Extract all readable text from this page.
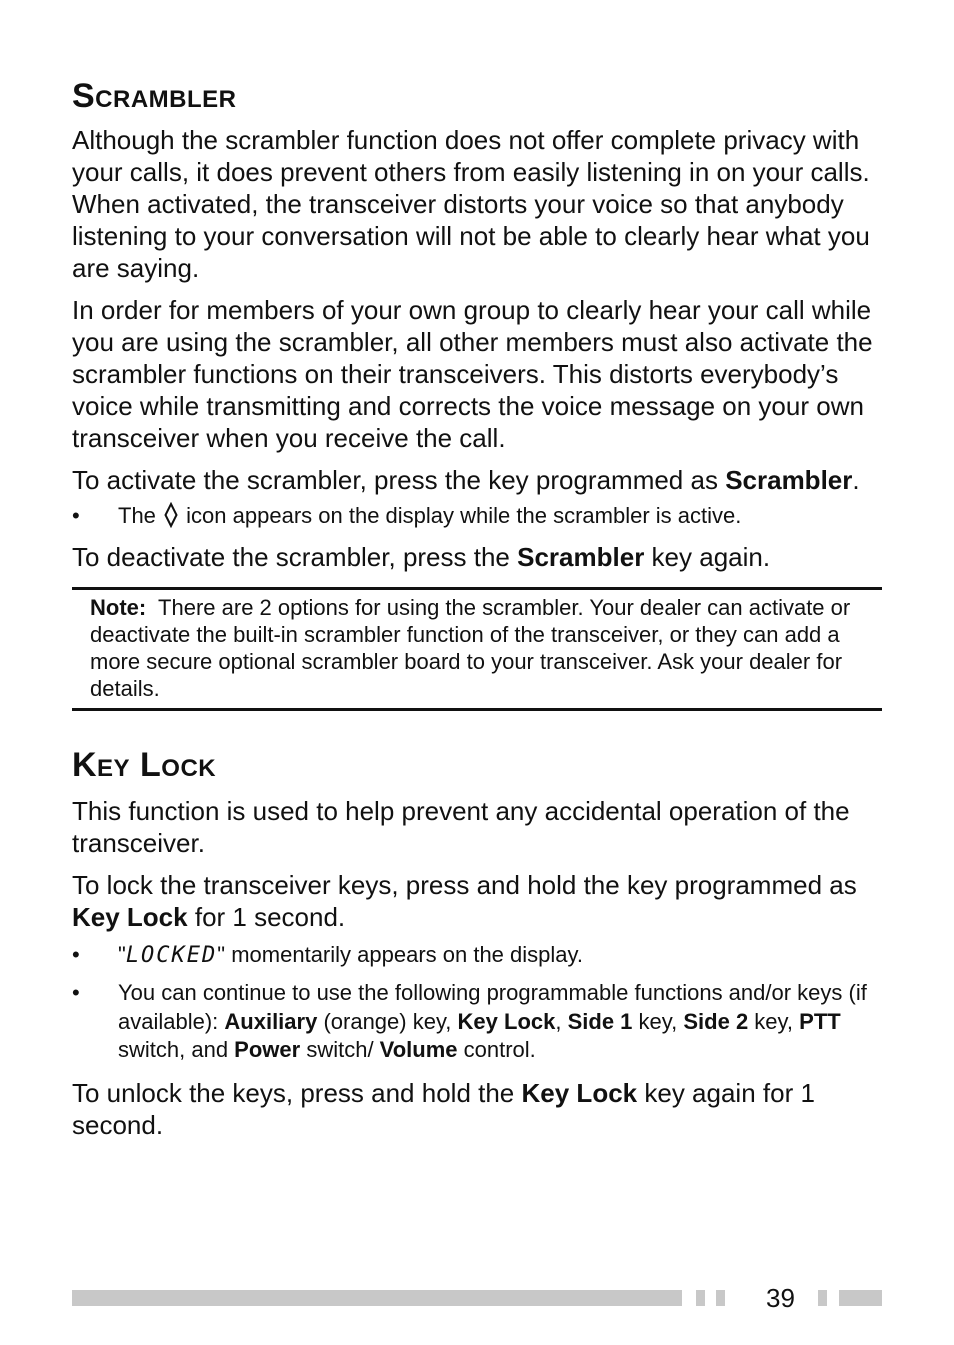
Scrambler

Although the scrambler function does not offer complete privacy with your calls, it does prevent others from easily listening in on your calls. When activated, the transceiver distorts your voice so that anybody listening to your conversation will not be able to clearly hear what you are saying.

In order for members of your own group to clearly hear your call while you are using the scrambler, all other members must also activate the scrambler functions on their transceivers. This distorts everybody’s voice while transmitting and corrects the voice message on your own transceiver when you receive the call.

To activate the scrambler, press the key programmed as Scrambler.

•	The icon appears on the display while the scrambler is active.

To deactivate the scrambler, press the Scrambler key again.

Note: There are 2 options for using the scrambler. Your dealer can activate or deactivate the built-in scrambler function of the transceiver, or they can add a more secure optional scrambler board to your transceiver. Ask your dealer for details.
Key Lock

This function is used to help prevent any accidental operation of the transceiver.

To lock the transceiver keys, press and hold the key programmed as Key Lock for 1 second.

•	"LOCKED" momentarily appears on the display.

•	You can continue to use the following programmable functions and/or keys (if available): Auxiliary (orange) key, Key Lock, Side 1 key, Side 2 key, PTT switch, and Power switch/ Volume control.

To unlock the keys, press and hold the Key Lock key again for 1 second.

39
